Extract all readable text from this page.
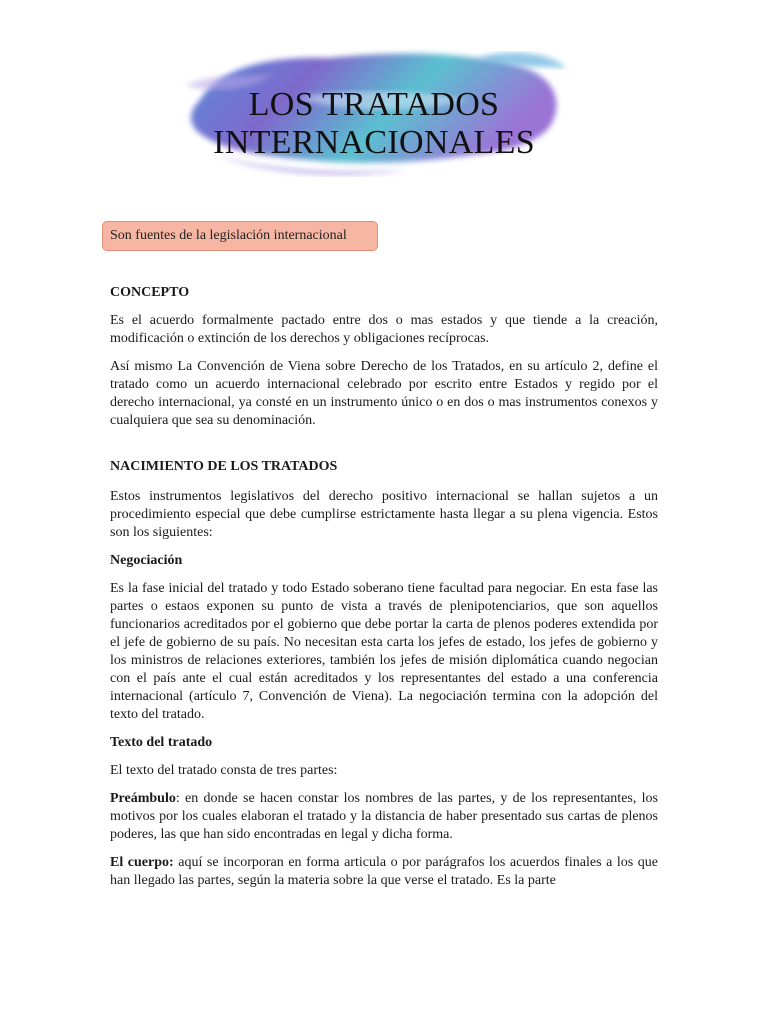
LOS TRATADOS
INTERNACIONALES
Son fuentes de la legislación internacional

CONCEPTO

Es el acuerdo formalmente pactado entre dos o mas estados y que tiende a la creación, modificación o extinción de los derechos y obligaciones recíprocas.

Así mismo La Convención de Viena sobre Derecho de los Tratados, en su artículo 2, define el tratado como un acuerdo internacional celebrado por escrito entre Estados y regido por el derecho internacional, ya consté en un instrumento único o en dos o mas instrumentos conexos y cualquiera que sea su denominación.

NACIMIENTO DE LOS TRATADOS

Estos instrumentos legislativos del derecho positivo internacional se hallan sujetos a un procedimiento especial que debe cumplirse estrictamente hasta llegar a su plena vigencia. Estos son los siguientes:

Negociación

Es la fase inicial del tratado y todo Estado soberano tiene facultad para negociar. En esta fase las partes o estaos exponen su punto de vista a través de plenipotenciarios, que son aquellos funcionarios acreditados por el gobierno que debe portar la carta de plenos poderes extendida por el jefe de gobierno de su país. No necesitan esta carta los jefes de estado, los jefes de gobierno y los ministros de relaciones exteriores, también los jefes de misión diplomática cuando negocian con el país ante el cual están acreditados y los representantes del estado a una conferencia internacional (artículo 7, Convención de Viena). La negociación termina con la adopción del texto del tratado.

Texto del tratado

El texto del tratado consta de tres partes:

Preámbulo: en donde se hacen constar los nombres de las partes, y de los representantes, los motivos por los cuales elaboran el tratado y la distancia de haber presentado sus cartas de plenos poderes, las que han sido encontradas en legal y dicha forma.

El cuerpo: aquí se incorporan en forma articula o por parágrafos los acuerdos finales a los que han llegado las partes, según la materia sobre la que verse el tratado. Es la parte
